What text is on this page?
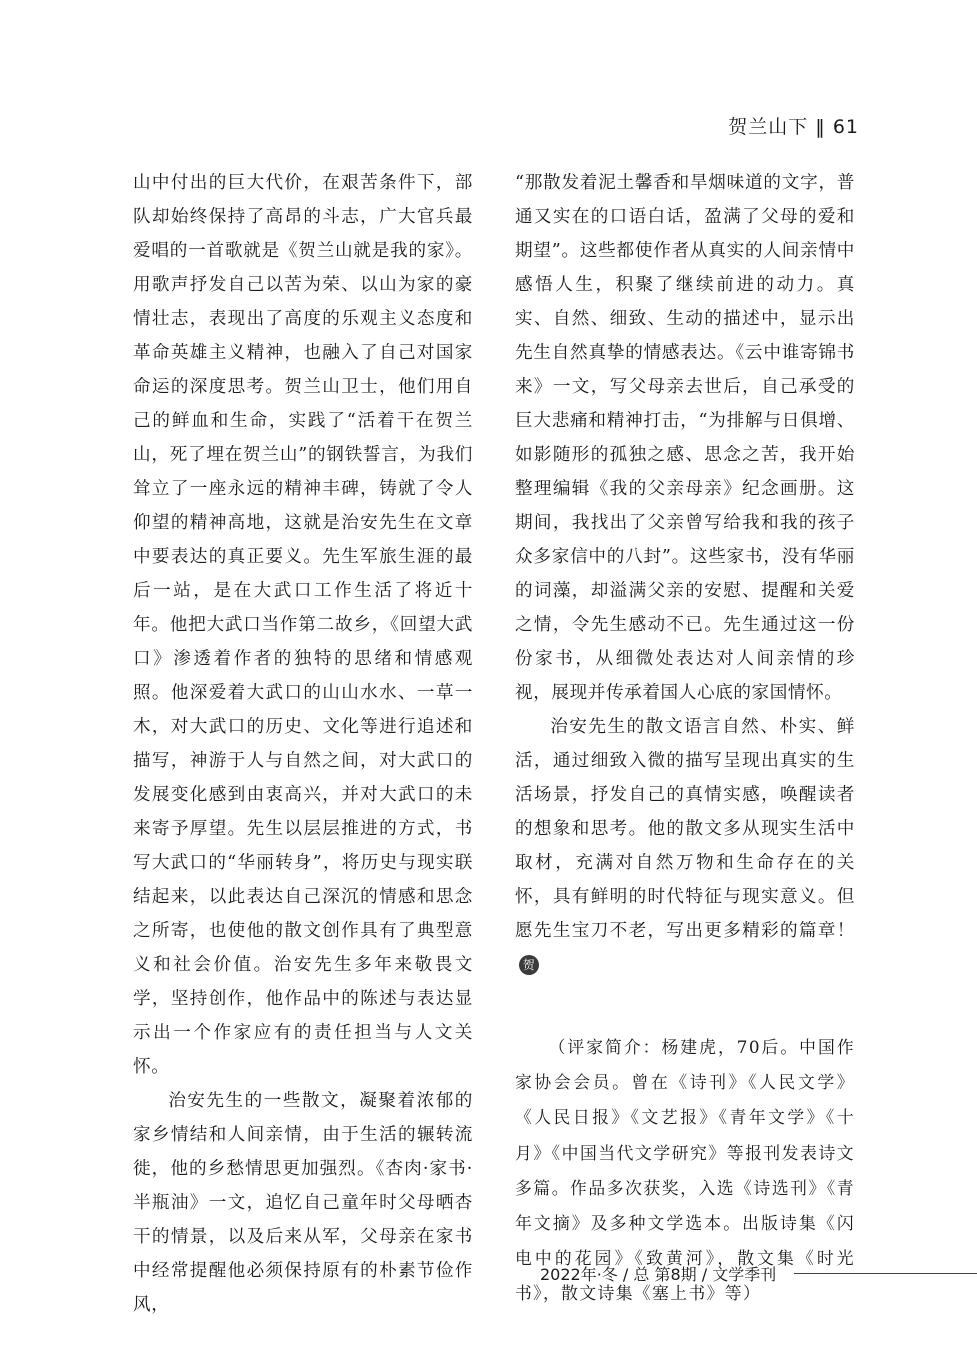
贺兰山下 ‖ 61

山中付出的巨大代价，在艰苦条件下，部队却始终保持了高昂的斗志，广大官兵最爱唱的一首歌就是《贺兰山就是我的家》。用歌声抒发自己以苦为荣、以山为家的豪情壮志，表现出了高度的乐观主义态度和革命英雄主义精神，也融入了自己对国家命运的深度思考。贺兰山卫士，他们用自己的鲜血和生命，实践了“活着干在贺兰山，死了埋在贺兰山”的钢铁誓言，为我们耸立了一座永远的精神丰碑，铸就了令人仰望的精神高地，这就是治安先生在文章中要表达的真正要义。先生军旅生涯的最后一站，是在大武口工作生活了将近十年。他把大武口当作第二故乡，《回望大武口》渗透着作者的独特的思绪和情感观照。他深爱着大武口的山山水水、一草一木，对大武口的历史、文化等进行追述和描写，神游于人与自然之间，对大武口的发展变化感到由衷高兴，并对大武口的未来寄予厚望。先生以层层推进的方式，书写大武口的“华丽转身”，将历史与现实联结起来，以此表达自己深沉的情感和思念之所寄，也使他的散文创作具有了典型意义和社会价值。治安先生多年来敬畏文学，坚持创作，他作品中的陈述与表达显示出一个作家应有的责任担当与人文关怀。

治安先生的一些散文，凝聚着浓郁的家乡情结和人间亲情，由于生活的辗转流徙，他的乡愁情思更加强烈。《杏肉·家书·半瓶油》一文，追忆自己童年时父母晒杏干的情景，以及后来从军，父母亲在家书中经常提醒他必须保持原有的朴素节俭作风，

“那散发着泥土馨香和旱烟味道的文字，普通又实在的口语白话，盈满了父母的爱和期望”。这些都使作者从真实的人间亲情中感悟人生，积聚了继续前进的动力。真实、自然、细致、生动的描述中，显示出先生自然真挚的情感表达。《云中谁寄锦书来》一文，写父母亲去世后，自己承受的巨大悲痛和精神打击，“为排解与日俱增、如影随形的孤独之感、思念之苦，我开始整理编辑《我的父亲母亲》纪念画册。这期间，我找出了父亲曾写给我和我的孩子众多家信中的八封”。这些家书，没有华丽的词藻，却溢满父亲的安慰、提醒和关爱之情，令先生感动不已。先生通过这一份份家书，从细微处表达对人间亲情的珍视，展现并传承着国人心底的家国情怀。

治安先生的散文语言自然、朴实、鲜活，通过细致入微的描写呈现出真实的生活场景，抒发自己的真情实感，唤醒读者的想象和思考。他的散文多从现实生活中取材，充满对自然万物和生命存在的关怀，具有鲜明的时代特征与现实意义。但愿先生宝刀不老，写出更多精彩的篇章！贺

（评家简介：杨建虎，70后。中国作家协会会员。曾在《诗刊》《人民文学》《人民日报》《文艺报》《青年文学》《十月》《中国当代文学研究》等报刊发表诗文多篇。作品多次获奖，入选《诗选刊》《青年文摘》及多种文学选本。出版诗集《闪电中的花园》《致黄河》，散文集《时光书》，散文诗集《塞上书》等）

2022年·冬 / 总 第8期 / 文学季刊
